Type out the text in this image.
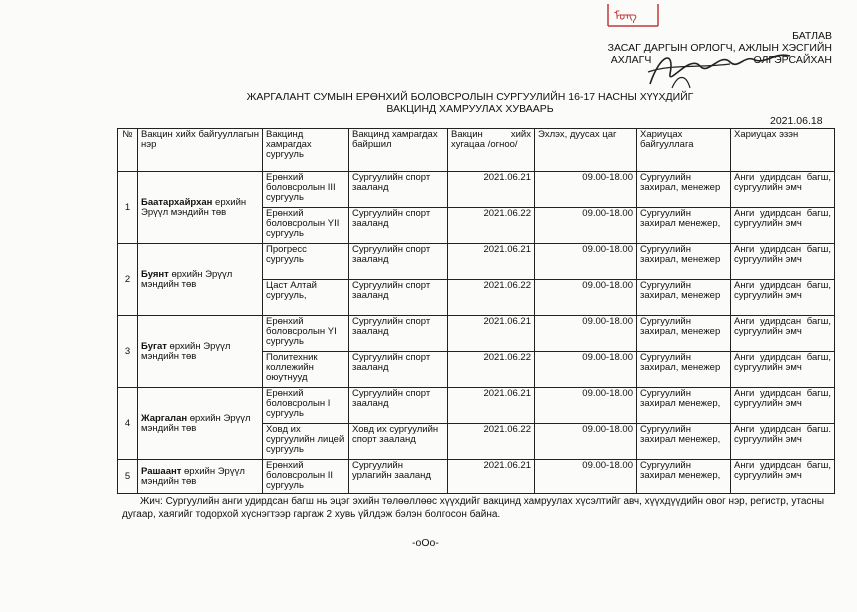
ᠮᠣᠩ
БАТЛАВ
ЗАСАГ ДАРГЫН ОРЛОГЧ, АЖЛЫН ХЭСГИЙН
АХЛАГЧ                                   ОЛГЭРСАЙХАН
ЖАРГАЛАНТ СУМЫН ЕРӨНХИЙ БОЛОВСРОЛЫН СУРГУУЛИЙН 16-17 НАСНЫ ХҮҮХДИЙГ
ВАКЦИНД ХАМРУУЛАХ ХУВААРЬ
2021.06.18
№	Вакцин хийх байгууллагын нэр	Вакцинд хамрагдах сургууль	Вакцинд хамрагдах байршил	Вакцин хийх хугацаа /огноо/	Эхлэх, дуусах цаг	Хариуцах байгууллага	Хариуцах эзэн
1	Баатархайрхан ерхийн Эрүүл мэндийн төв	Ерөнхий боловсролын III сургууль	Сургуулийн спорт зааланд	2021.06.21	09.00-18.00	Сургуулийн захирал, менежер	Анги удирдсан багш, сургуулийн эмч
		Ерөнхий боловсролын YII сургууль	Сургуулийн спорт зааланд	2021.06.22	09.00-18.00	Сургуулийн захирал менежер,	Анги удирдсан багш, сургуулийн эмч
2	Буянт өрхийн Эрүүл мэндийн төв	Прогресс сургууль	Сургуулийн спорт зааланд	2021.06.21	09.00-18.00	Сургуулийн захирал, менежер	Анги удирдсан багш, сургуулийн эмч
		Цаст Алтай сургууль,	Сургуулийн спорт зааланд	2021.06.22	09.00-18.00	Сургуулийн захирал, менежер	Анги удирдсан багш, сургуулийн эмч
3	Бугат өрхийн Эрүүл мэндийн төв	Ерөнхий боловсролын YI сургууль	Сургуулийн спорт зааланд	2021.06.21	09.00-18.00	Сургуулийн захирал, менежер	Анги удирдсан багш, сургуулийн эмч
		Политехник коллежийн оюутнууд	Сургуулийн спорт зааланд	2021.06.22	09.00-18.00	Сургуулийн захирал, менежер	Анги удирдсан багш, сургуулийн эмч
4	Жаргалан өрхийн Эрүүл мэндийн төв	Ерөнхий боловсролын I сургууль	Сургуулийн спорт зааланд	2021.06.21	09.00-18.00	Сургуулийн захирал менежер,	Анги удирдсан багш, сургуулийн эмч
		Ховд их сургуулийн лицей сургууль	Ховд их сургуулийн спорт зааланд	2021.06.22	09.00-18.00	Сургуулийн захирал менежер,	Анги удирдсан багш. сургуулийн эмч
5	Рашаант өрхийн Эрүүл мэндийн төв	Ерөнхий боловсролын II сургууль	Сургуулийн урлагийн зааланд	2021.06.21	09.00-18.00	Сургуулийн захирал менежер,	Анги удирдсан багш, сургуулийн эмч
Жич: Сургуулийн анги удирдсан багш нь эцэг эхийн төлөөллөөс хүүхдийг вакцинд хамруулах хүсэлтийг авч, хүүхдүүдийн овог нэр, регистр, утасны дугаар, хаягийг тодорхой хүснэгтээр гаргаж 2 хувь үйлдэж бэлэн болгосон байна.
-oOo-
